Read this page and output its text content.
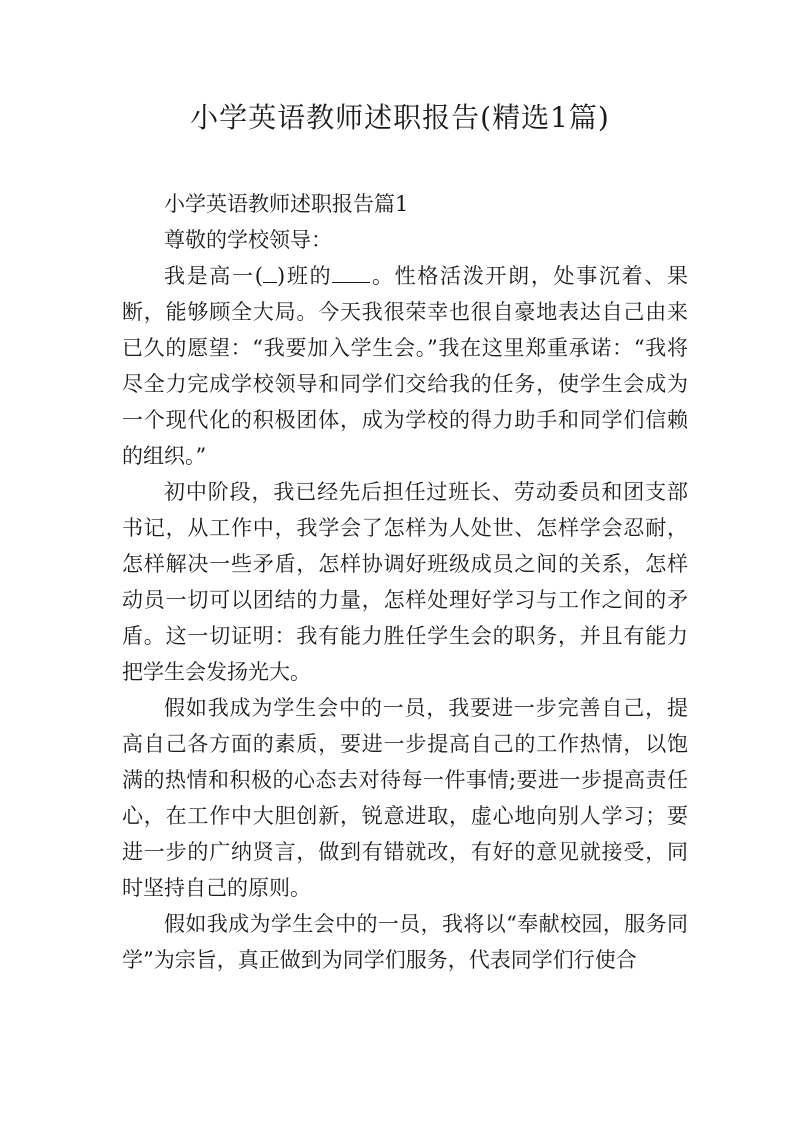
小学英语教师述职报告(精选1篇)

小学英语教师述职报告篇1

尊敬的学校领导：

我是高一( )班的 。性格活泼开朗，处事沉着、果断，能够顾全大局。今天我很荣幸也很自豪地表达自己由来已久的愿望：“我要加入学生会。”我在这里郑重承诺：“我将尽全力完成学校领导和同学们交给我的任务，使学生会成为一个现代化的积极团体，成为学校的得力助手和同学们信赖的组织。”

初中阶段，我已经先后担任过班长、劳动委员和团支部书记，从工作中，我学会了怎样为人处世、怎样学会忍耐，怎样解决一些矛盾，怎样协调好班级成员之间的关系，怎样动员一切可以团结的力量，怎样处理好学习与工作之间的矛盾。这一切证明：我有能力胜任学生会的职务，并且有能力把学生会发扬光大。

假如我成为学生会中的一员，我要进一步完善自己，提高自己各方面的素质，要进一步提高自己的工作热情，以饱满的热情和积极的心态去对待每一件事情;要进一步提高责任心，在工作中大胆创新，锐意进取，虚心地向别人学习；要进一步的广纳贤言，做到有错就改，有好的意见就接受，同时坚持自己的原则。

假如我成为学生会中的一员，我将以“奉献校园，服务同学”为宗旨，真正做到为同学们服务，代表同学们行使合
